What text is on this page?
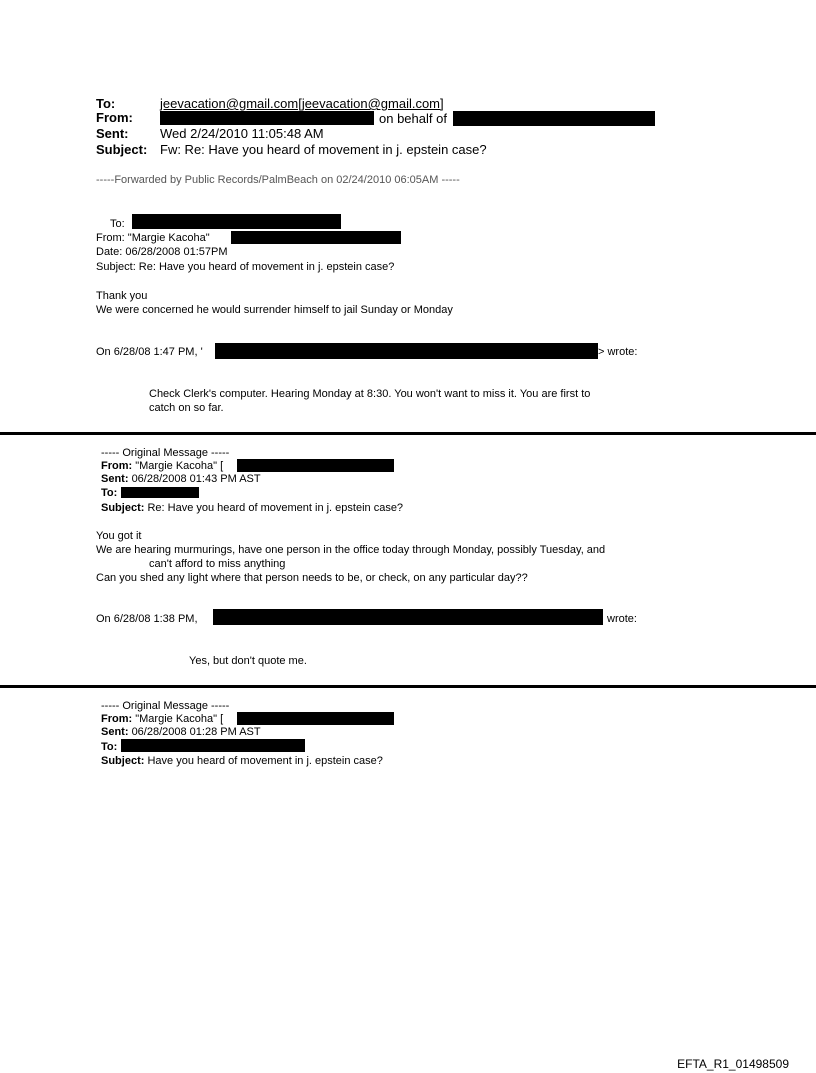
To:	jeevacation@gmail.com[jeevacation@gmail.com]
From:	on behalf of
Sent: Wed 2/24/2010 11:05:48 AM
Subject: Fw: Re: Have you heard of movement in j. epstein case?
-----Forwarded by Public Records/PalmBeach on 02/24/2010 06:05AM -----
To:
From: "Margie Kacoha"
Date: 06/28/2008 01:57PM
Subject: Re: Have you heard of movement in j. epstein case?
Thank you
We were concerned he would surrender himself to jail Sunday or Monday
On 6/28/08 1:47 PM, '	> wrote:
Check Clerk's computer. Hearing Monday at 8:30. You won't want to miss it. You are first to
catch on so far.
----- Original Message -----
From: "Margie Kacoha" [
Sent: 06/28/2008 01:43 PM AST
To:
Subject: Re: Have you heard of movement in j. epstein case?
You got it
We are hearing murmurings, have one person in the office today through Monday, possibly Tuesday, and
can't afford to miss anything
Can you shed any light where that person needs to be, or check, on any particular day??
On 6/28/08 1:38 PM,	wrote:
Yes, but don't quote me.
----- Original Message -----
From: "Margie Kacoha" [
Sent: 06/28/2008 01:28 PM AST
To:
Subject: Have you heard of movement in j. epstein case?
EFTA_R1_01498509
